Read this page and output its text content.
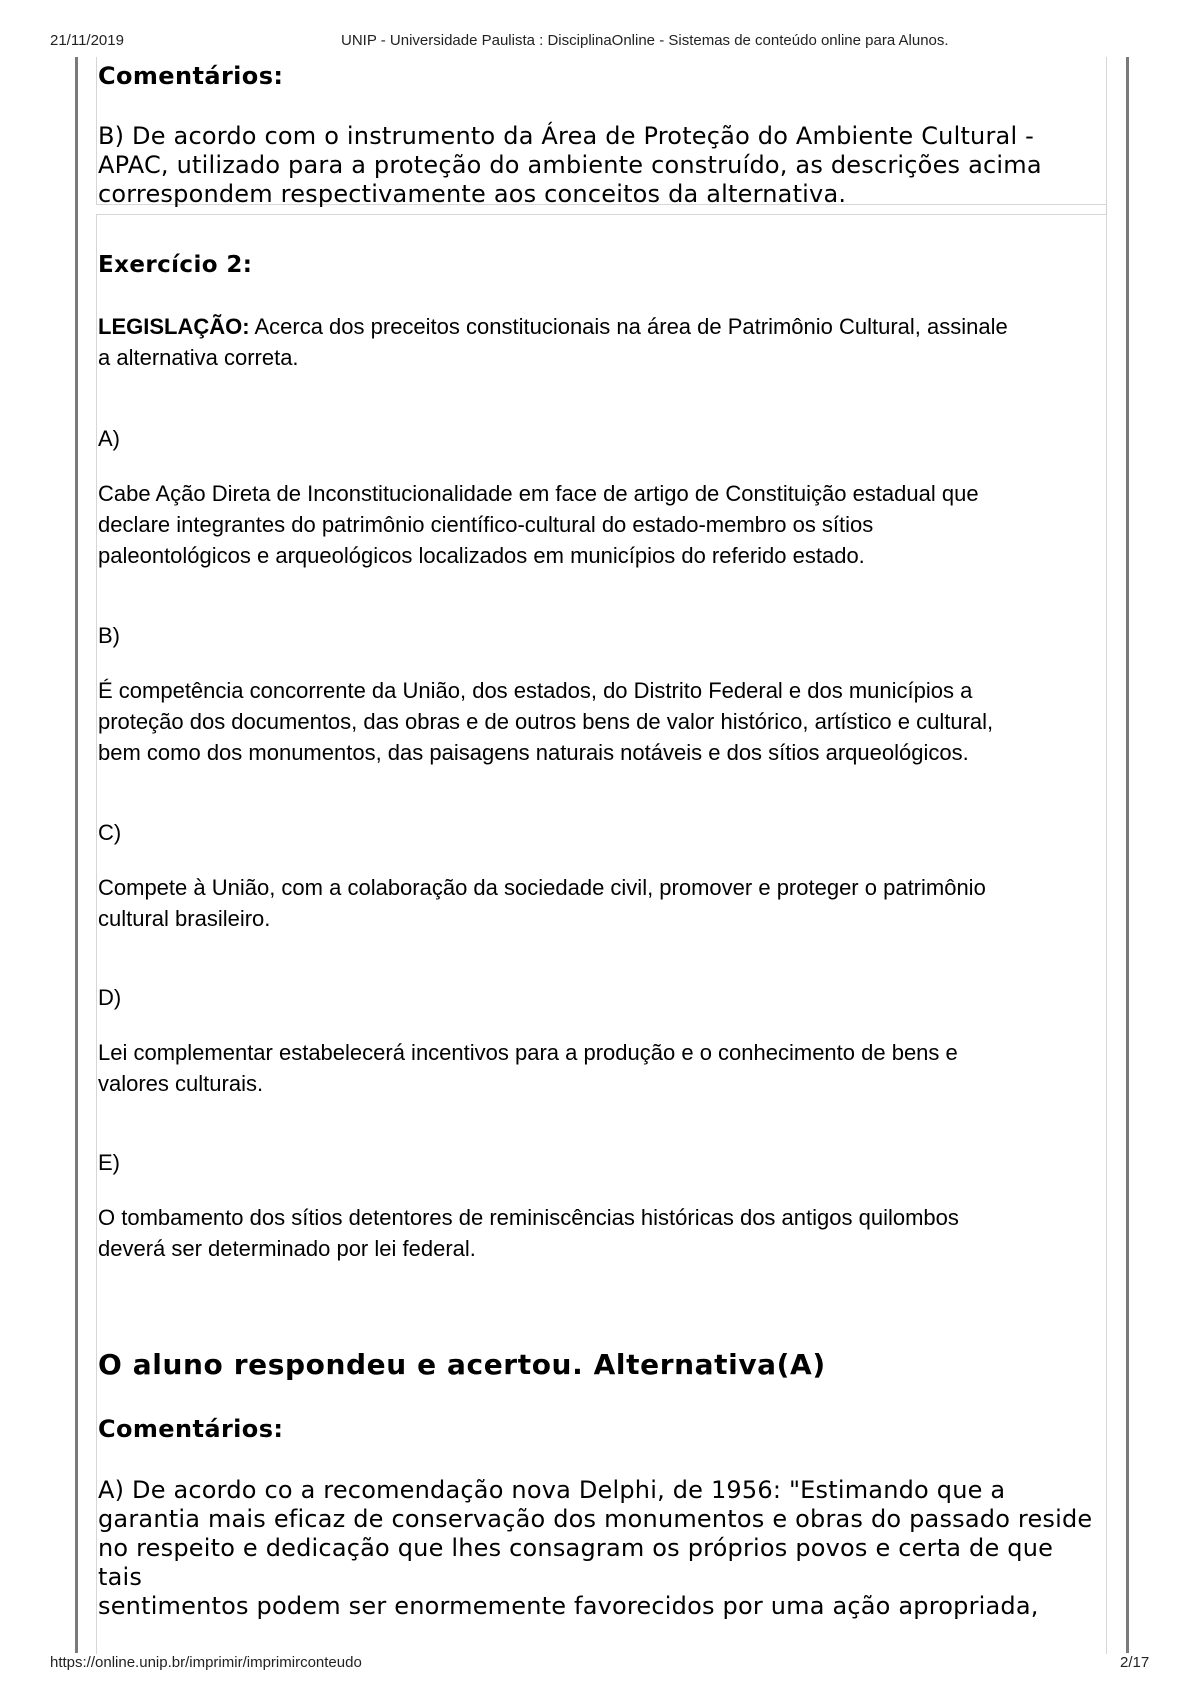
21/11/2019	UNIP - Universidade Paulista : DisciplinaOnline - Sistemas de conteúdo online para Alunos.
https://online.unip.br/imprimir/imprimirconteudo	2/17

Comentários:

B) De acordo com o instrumento da Área de Proteção do Ambiente Cultural -
APAC, utilizado para a proteção do ambiente construído, as descrições acima
correspondem respectivamente aos conceitos da alternativa.

Exercício 2:

LEGISLAÇÃO: Acerca dos preceitos constitucionais na área de Patrimônio Cultural, assinale
a alternativa correta.

A)

Cabe Ação Direta de Inconstitucionalidade em face de artigo de Constituição estadual que
declare integrantes do patrimônio científico-cultural do estado-membro os sítios
paleontológicos e arqueológicos localizados em municípios do referido estado.

B)

É competência concorrente da União, dos estados, do Distrito Federal e dos municípios a
proteção dos documentos, das obras e de outros bens de valor histórico, artístico e cultural,
bem como dos monumentos, das paisagens naturais notáveis e dos sítios arqueológicos.

C)

Compete à União, com a colaboração da sociedade civil, promover e proteger o patrimônio
cultural brasileiro.

D)

Lei complementar estabelecerá incentivos para a produção e o conhecimento de bens e
valores culturais.

E)

O tombamento dos sítios detentores de reminiscências históricas dos antigos quilombos
deverá ser determinado por lei federal.

O aluno respondeu e acertou. Alternativa(A)

Comentários:

A) De acordo co a recomendação nova Delphi, de 1956: "Estimando que a
garantia mais eficaz de conservação dos monumentos e obras do passado reside
no respeito e dedicação que lhes consagram os próprios povos e certa de que tais
sentimentos podem ser enormemente favorecidos por uma ação apropriada,
